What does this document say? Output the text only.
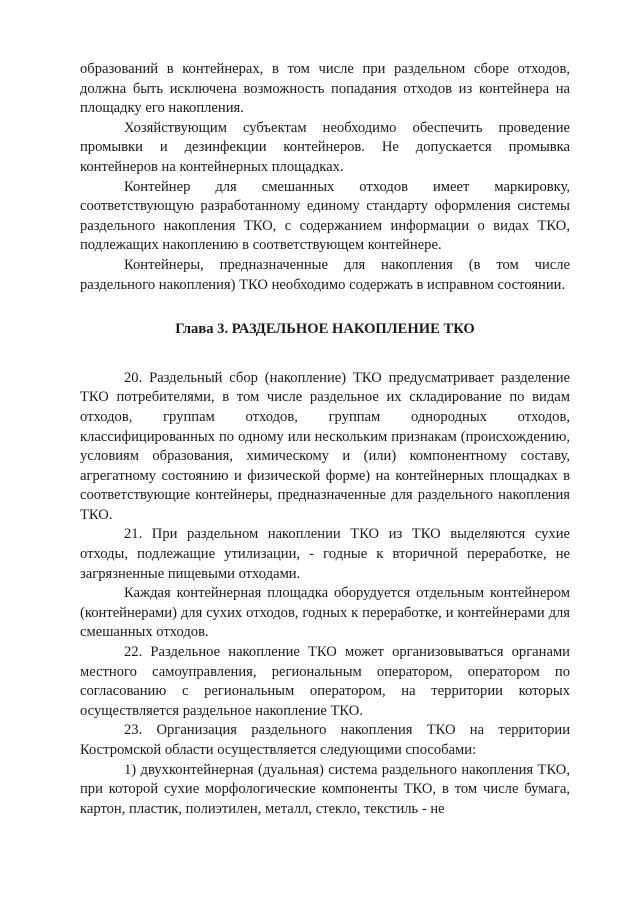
образований в контейнерах, в том числе при раздельном сборе отходов, должна быть исключена возможность попадания отходов из контейнера на площадку его накопления.

Хозяйствующим субъектам необходимо обеспечить проведение промывки и дезинфекции контейнеров. Не допускается промывка контейнеров на контейнерных площадках.

Контейнер для смешанных отходов имеет маркировку, соответствующую разработанному единому стандарту оформления системы раздельного накопления ТКО, с содержанием информации о видах ТКО, подлежащих накоплению в соответствующем контейнере.

Контейнеры, предназначенные для накопления (в том числе раздельного накопления) ТКО необходимо содержать в исправном состоянии.

Глава 3. РАЗДЕЛЬНОЕ НАКОПЛЕНИЕ ТКО

20. Раздельный сбор (накопление) ТКО предусматривает разделение ТКО потребителями, в том числе раздельное их складирование по видам отходов, группам отходов, группам однородных отходов, классифицированных по одному или нескольким признакам (происхождению, условиям образования, химическому и (или) компонентному составу, агрегатному состоянию и физической форме) на контейнерных площадках в соответствующие контейнеры, предназначенные для раздельного накопления ТКО.

21. При раздельном накоплении ТКО из ТКО выделяются сухие отходы, подлежащие утилизации, - годные к вторичной переработке, не загрязненные пищевыми отходами.

Каждая контейнерная площадка оборудуется отдельным контейнером (контейнерами) для сухих отходов, годных к переработке, и контейнерами для смешанных отходов.

22. Раздельное накопление ТКО может организовываться органами местного самоуправления, региональным оператором, оператором по согласованию с региональным оператором, на территории которых осуществляется раздельное накопление ТКО.

23. Организация раздельного накопления ТКО на территории Костромской области осуществляется следующими способами:

1) двухконтейнерная (дуальная) система раздельного накопления ТКО, при которой сухие морфологические компоненты ТКО, в том числе бумага, картон, пластик, полиэтилен, металл, стекло, текстиль - не
